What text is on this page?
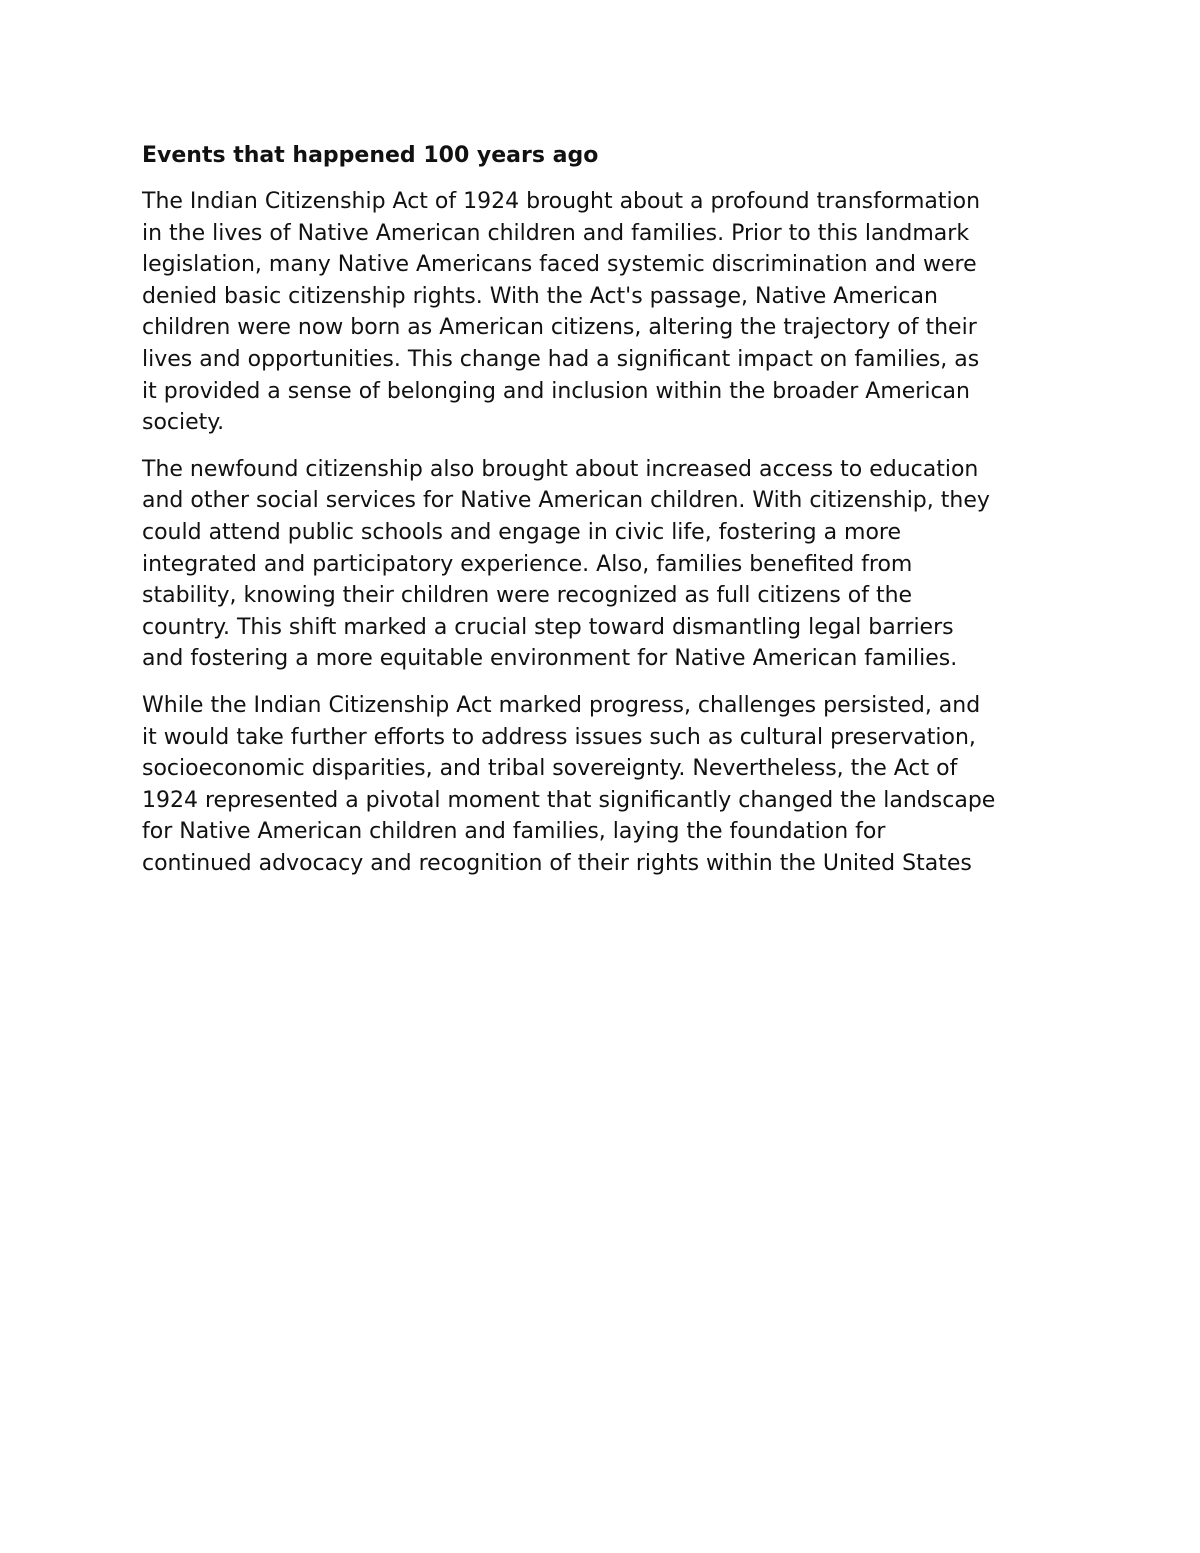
Events that happened 100 years ago

The Indian Citizenship Act of 1924 brought about a profound transformation
in the lives of Native American children and families. Prior to this landmark
legislation, many Native Americans faced systemic discrimination and were
denied basic citizenship rights. With the Act's passage, Native American
children were now born as American citizens, altering the trajectory of their
lives and opportunities. This change had a significant impact on families, as
it provided a sense of belonging and inclusion within the broader American
society.

The newfound citizenship also brought about increased access to education
and other social services for Native American children. With citizenship, they
could attend public schools and engage in civic life, fostering a more
integrated and participatory experience. Also, families benefited from
stability, knowing their children were recognized as full citizens of the
country. This shift marked a crucial step toward dismantling legal barriers
and fostering a more equitable environment for Native American families.

While the Indian Citizenship Act marked progress, challenges persisted, and
it would take further efforts to address issues such as cultural preservation,
socioeconomic disparities, and tribal sovereignty. Nevertheless, the Act of
1924 represented a pivotal moment that significantly changed the landscape
for Native American children and families, laying the foundation for
continued advocacy and recognition of their rights within the United States
